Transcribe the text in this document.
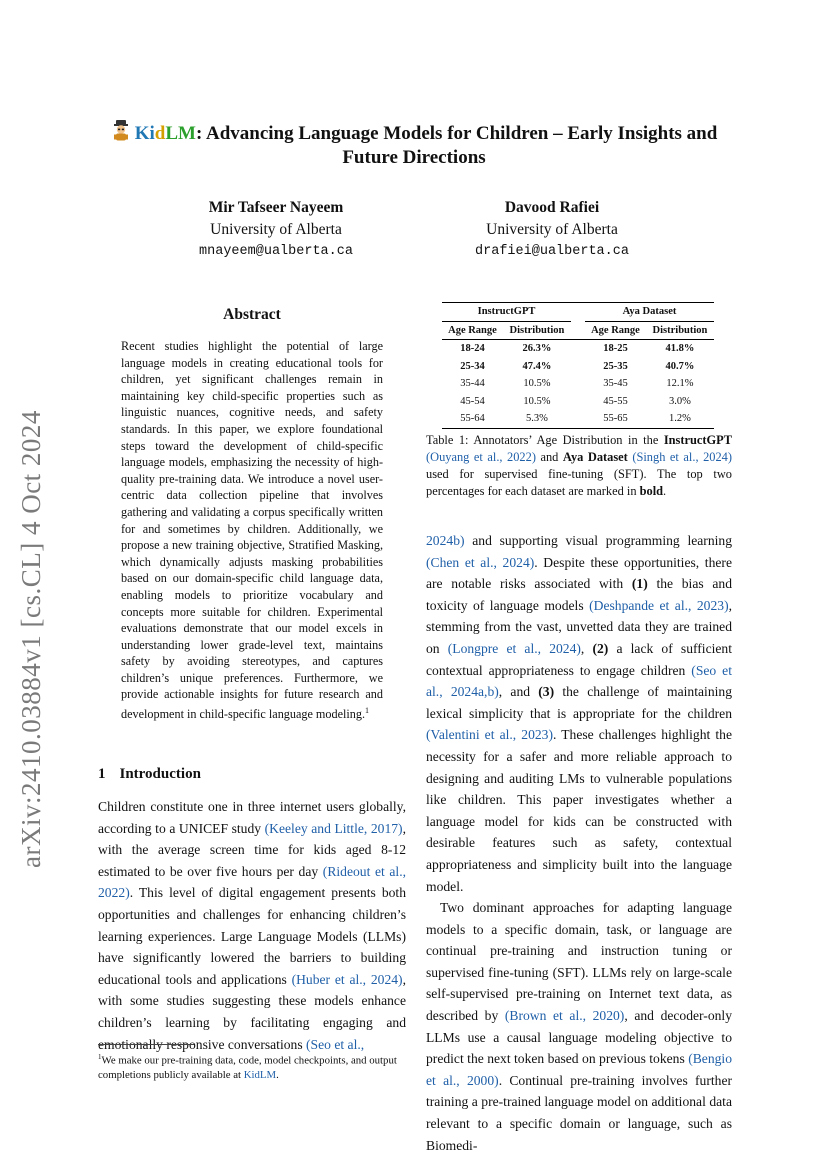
arXiv:2410.03884v1 [cs.CL] 4 Oct 2024
KidLM: Advancing Language Models for Children – Early Insights and
Future Directions
Mir Tafseer Nayeem
University of Alberta
mnayeem@ualberta.ca
Davood Rafiei
University of Alberta
drafiei@ualberta.ca
Abstract
Recent studies highlight the potential of large language models in creating educational tools for children, yet significant challenges remain in maintaining key child-specific properties such as linguistic nuances, cognitive needs, and safety standards. In this paper, we explore foundational steps toward the development of child-specific language models, emphasizing the necessity of high-quality pre-training data. We introduce a novel user-centric data collection pipeline that involves gathering and validating a corpus specifically written for and sometimes by children. Additionally, we propose a new training objective, Stratified Masking, which dynamically adjusts masking probabilities based on our domain-specific child language data, enabling models to prioritize vocabulary and concepts more suitable for children. Experimental evaluations demonstrate that our model excels in understanding lower grade-level text, maintains safety by avoiding stereotypes, and captures children’s unique preferences. Furthermore, we provide actionable insights for future research and development in child-specific language modeling.$^1$
1 Introduction
Children constitute one in three internet users globally, according to a UNICEF study (Keeley and Little, 2017), with the average screen time for kids aged 8-12 estimated to be over five hours per day (Rideout et al., 2022). This level of digital engagement presents both opportunities and challenges for enhancing children’s learning experiences. Large Language Models (LLMs) have significantly lowered the barriers to building educational tools and applications (Huber et al., 2024), with some studies suggesting these models enhance children’s learning by facilitating engaging and emotionally responsive conversations (Seo et al.,
$^1$We make our pre-training data, code, model checkpoints, and output completions publicly available at KidLM.
InstructGPT			Aya Dataset	
Age Range	Distribution		Age Range	Distribution
18-24	26.3%		18-25	41.8%
25-34	47.4%		25-35	40.7%
35-44	10.5%		35-45	12.1%
45-54	10.5%		45-55	3.0%
55-64	5.3%		55-65	1.2%
Table 1: Annotators’ Age Distribution in the InstructGPT (Ouyang et al., 2022) and Aya Dataset (Singh et al., 2024) used for supervised fine-tuning (SFT). The top two percentages for each dataset are marked in bold.
2024b) and supporting visual programming learning (Chen et al., 2024). Despite these opportunities, there are notable risks associated with (1) the bias and toxicity of language models (Deshpande et al., 2023), stemming from the vast, unvetted data they are trained on (Longpre et al., 2024), (2) a lack of sufficient contextual appropriateness to engage children (Seo et al., 2024a,b), and (3) the challenge of maintaining lexical simplicity that is appropriate for the children (Valentini et al., 2023). These challenges highlight the necessity for a safer and more reliable approach to designing and auditing LMs to vulnerable populations like children. This paper investigates whether a language model for kids can be constructed with desirable features such as safety, contextual appropriateness and simplicity built into the language model.
Two dominant approaches for adapting language models to a specific domain, task, or language are continual pre-training and instruction tuning or supervised fine-tuning (SFT). LLMs rely on large-scale self-supervised pre-training on Internet text data, as described by (Brown et al., 2020), and decoder-only LLMs use a causal language modeling objective to predict the next token based on previous tokens (Bengio et al., 2000). Continual pre-training involves further training a pre-trained language model on additional data relevant to a specific domain or language, such as Biomedi-
